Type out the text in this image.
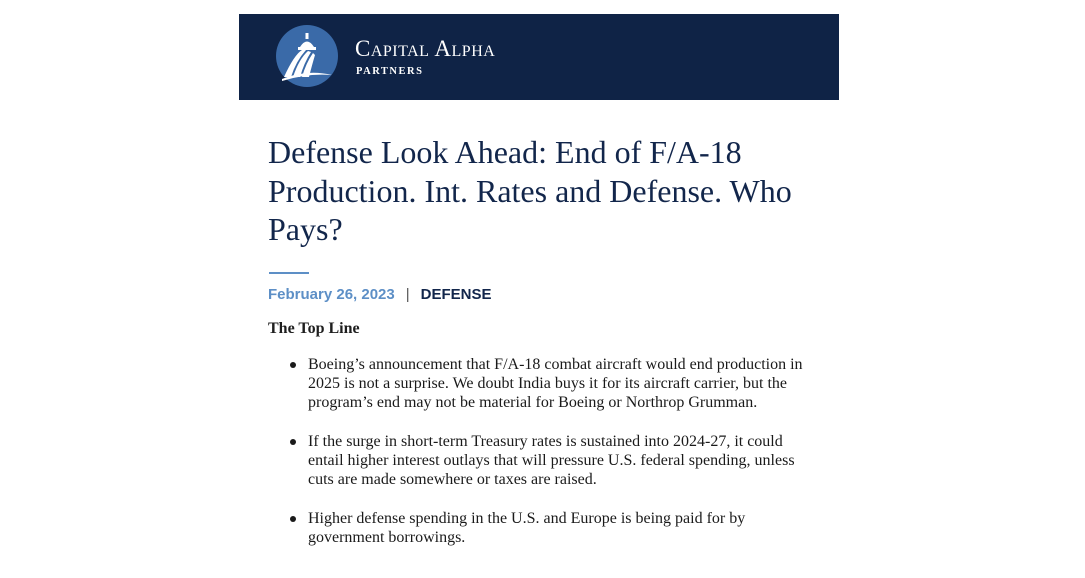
Capital Alpha
PARTNERS
Defense Look Ahead: End of F/A-18 Production. Int. Rates and Defense. Who Pays?
February 26, 2023 | DEFENSE
The Top Line
Boeing’s announcement that F/A-18 combat aircraft would end production in 2025 is not a surprise. We doubt India buys it for its aircraft carrier, but the program’s end may not be material for Boeing or Northrop Grumman.
If the surge in short-term Treasury rates is sustained into 2024-27, it could entail higher interest outlays that will pressure U.S. federal spending, unless cuts are made somewhere or taxes are raised.
Higher defense spending in the U.S. and Europe is being paid for by government borrowings.
